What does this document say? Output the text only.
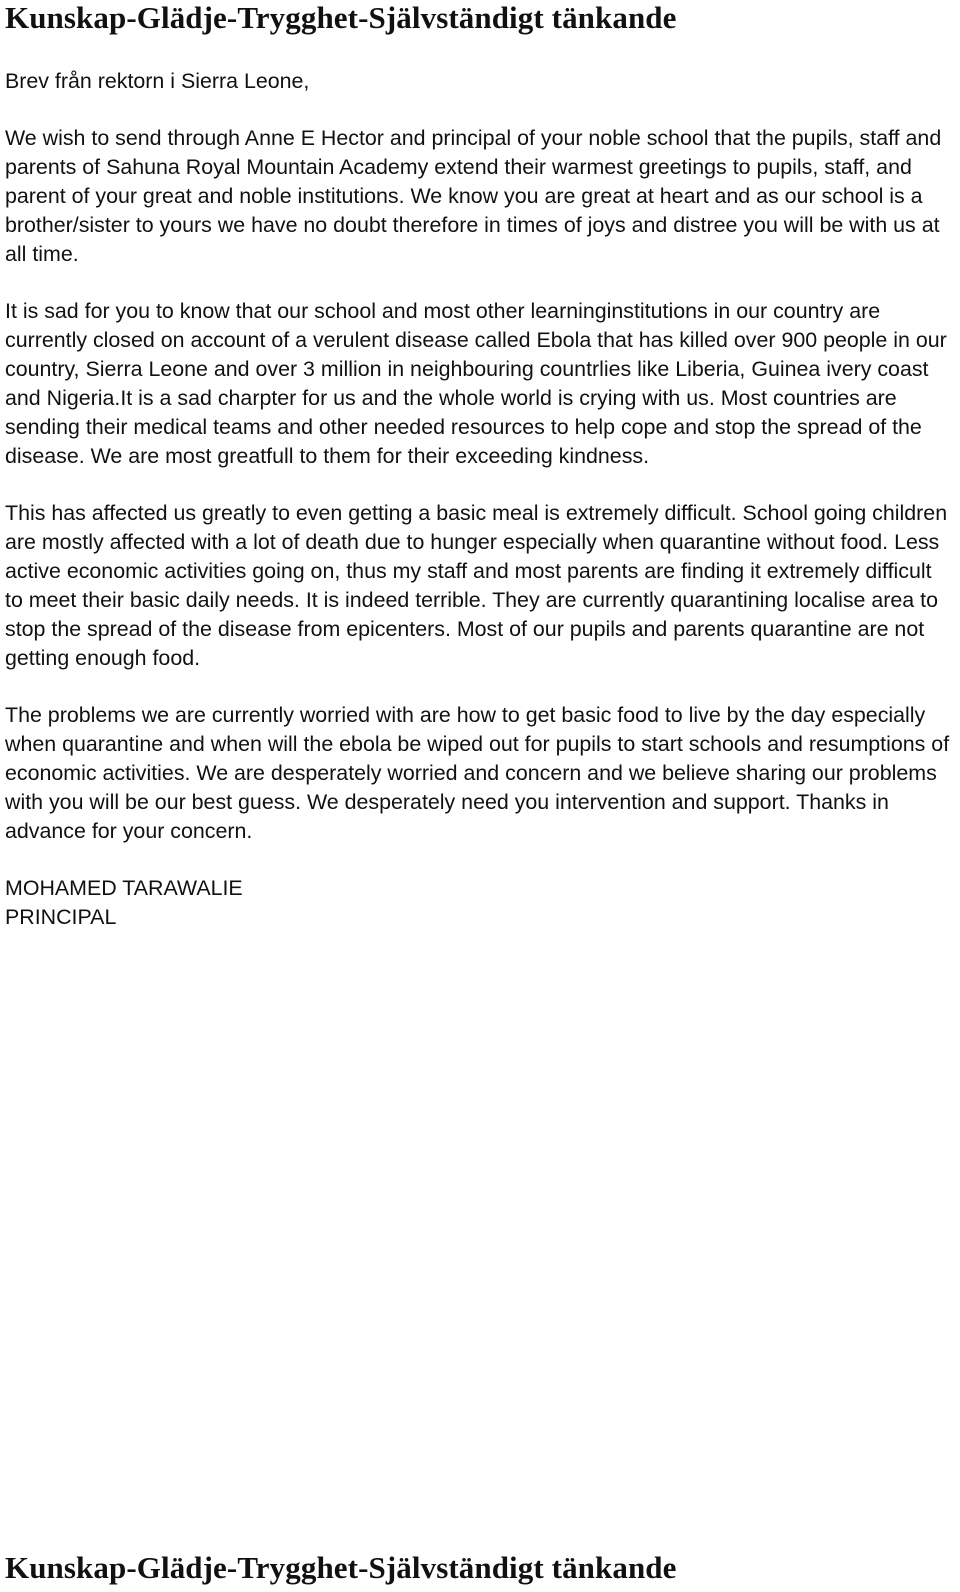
Kunskap-Glädje-Trygghet-Självständigt tänkande

Brev från rektorn i Sierra Leone,

We wish to send through Anne E Hector and principal of your noble school that the pupils, staff and parents of Sahuna Royal Mountain Academy extend their warmest greetings to pupils, staff, and parent of your great and noble institutions. We know you are great at heart and as our school is a brother/sister to yours we have no doubt therefore in times of joys and distree you will be with us at all time.

It is sad for you to know that our school and most other learninginstitutions in our country are currently closed on account of a verulent disease called Ebola that has killed over 900 people in our country, Sierra Leone and over 3 million in neighbouring countrlies like Liberia, Guinea ivery coast and Nigeria.It is a sad charpter for us and the whole world is crying with us. Most countries are sending their medical teams and other needed resources to help cope and stop the spread of the disease. We are most greatfull to them for their exceeding kindness.

This has affected us greatly to even getting a basic meal is extremely difficult. School going children are mostly affected with a lot of death due to hunger especially when quarantine without food. Less active economic activities going on, thus my staff and most parents are finding it extremely difficult to meet their basic daily needs. It is indeed terrible. They are currently quarantining localise area to stop the spread of the disease from epicenters. Most of our pupils and parents quarantine are not getting enough food.

The problems we are currently worried with are how to get basic food to live by the day especially when quarantine and when will the ebola be wiped out for pupils to start schools and resumptions of economic activities. We are desperately worried and concern and we believe sharing our problems with you will be our best guess. We desperately need you intervention and support. Thanks in advance for your concern.

MOHAMED TARAWALIE

PRINCIPAL

Kunskap-Glädje-Trygghet-Självständigt tänkande
